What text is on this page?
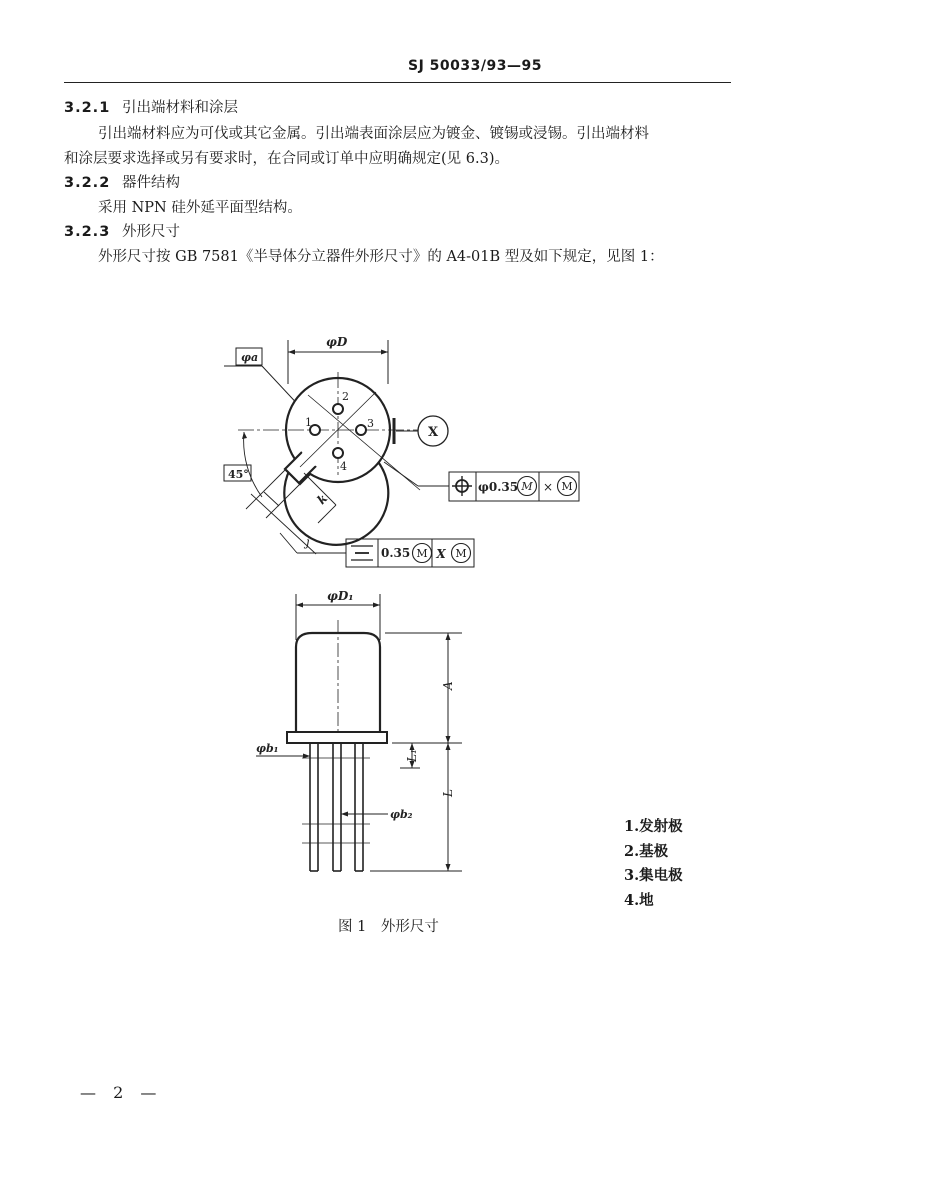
SJ 50033/93—95
3.2.1 引出端材料和涂层
引出端材料应为可伐或其它金属。引出端表面涂层应为镀金、镀锡或浸锡。引出端材料
和涂层要求选择或另有要求时，在合同或订单中应明确规定(见 6.3)。
3.2.2 器件结构
采用 NPN 硅外延平面型结构。
3.2.3 外形尺寸
外形尺寸按 GB 7581《半导体分立器件外形尺寸》的 A4-01B 型及如下规定，见图 1：
φD
φa
1
2
3
4
X
45°
k
j
φ0.35 M × M
0.35 M X M
φD₁
φb₁
φb₂
A
L₁
L
1.发射极
2.基极
3.集电极
4.地
图 1　外形尺寸
— 2 —
